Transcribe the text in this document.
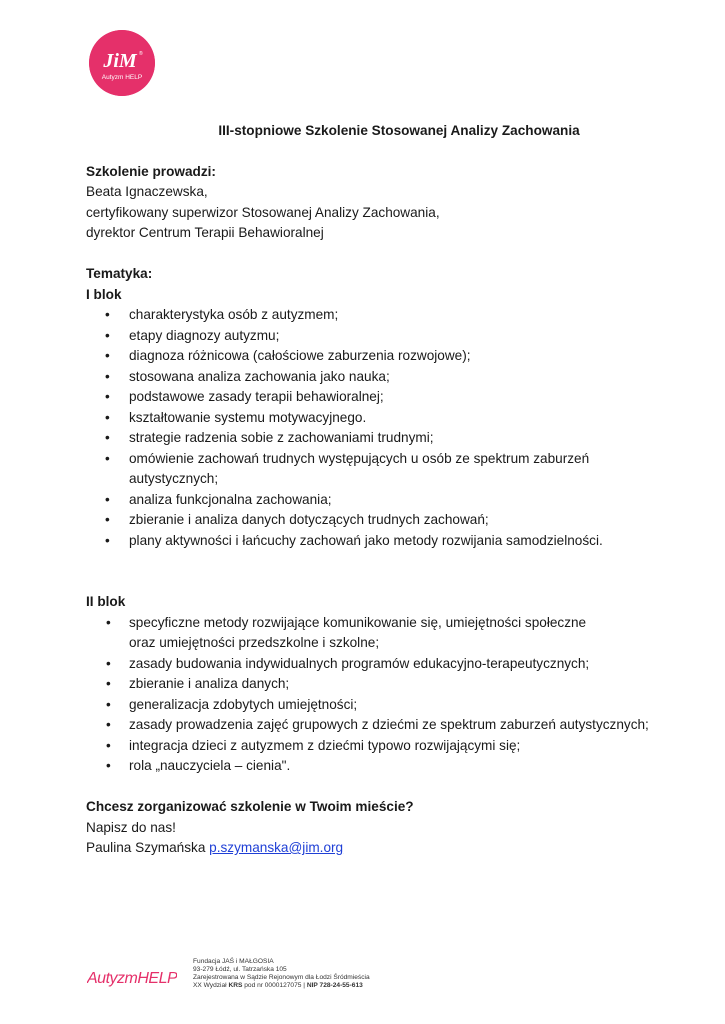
JiM ®
Autyzm HELP
III-stopniowe Szkolenie Stosowanej Analizy Zachowania
Szkolenie prowadzi:
Beata Ignaczewska,
certyfikowany superwizor Stosowanej Analizy Zachowania,
dyrektor Centrum Terapii Behawioralnej
Tematyka:
I blok
• charakterystyka osób z autyzmem;
• etapy diagnozy autyzmu;
• diagnoza różnicowa (całościowe zaburzenia rozwojowe);
• stosowana analiza zachowania jako nauka;
• podstawowe zasady terapii behawioralnej;
• kształtowanie systemu motywacyjnego.
• strategie radzenia sobie z zachowaniami trudnymi;
• omówienie zachowań trudnych występujących u osób ze spektrum zaburzeń autystycznych;
• analiza funkcjonalna zachowania;
• zbieranie i analiza danych dotyczących trudnych zachowań;
• plany aktywności i łańcuchy zachowań jako metody rozwijania samodzielności.
II blok
• specyficzne metody rozwijające komunikowanie się, umiejętności społeczne oraz umiejętności przedszkolne i szkolne;
• zasady budowania indywidualnych programów edukacyjno-terapeutycznych;
• zbieranie i analiza danych;
• generalizacja zdobytych umiejętności;
• zasady prowadzenia zajęć grupowych z dziećmi ze spektrum zaburzeń autystycznych;
• integracja dzieci z autyzmem z dziećmi typowo rozwijającymi się;
• rola „nauczyciela – cienia".
Chcesz zorganizować szkolenie w Twoim mieście?
Napisz do nas!
Paulina Szymańska p.szymanska@jim.org
AutyzmHELP
Fundacja JAŚ i MAŁGOSIA
93-279 Łódź, ul. Tatrzańska 105
Zarejestrowana w Sądzie Rejonowym dla Łodzi Śródmieścia
XX Wydział KRS pod nr 0000127075 | NIP 728-24-55-613
